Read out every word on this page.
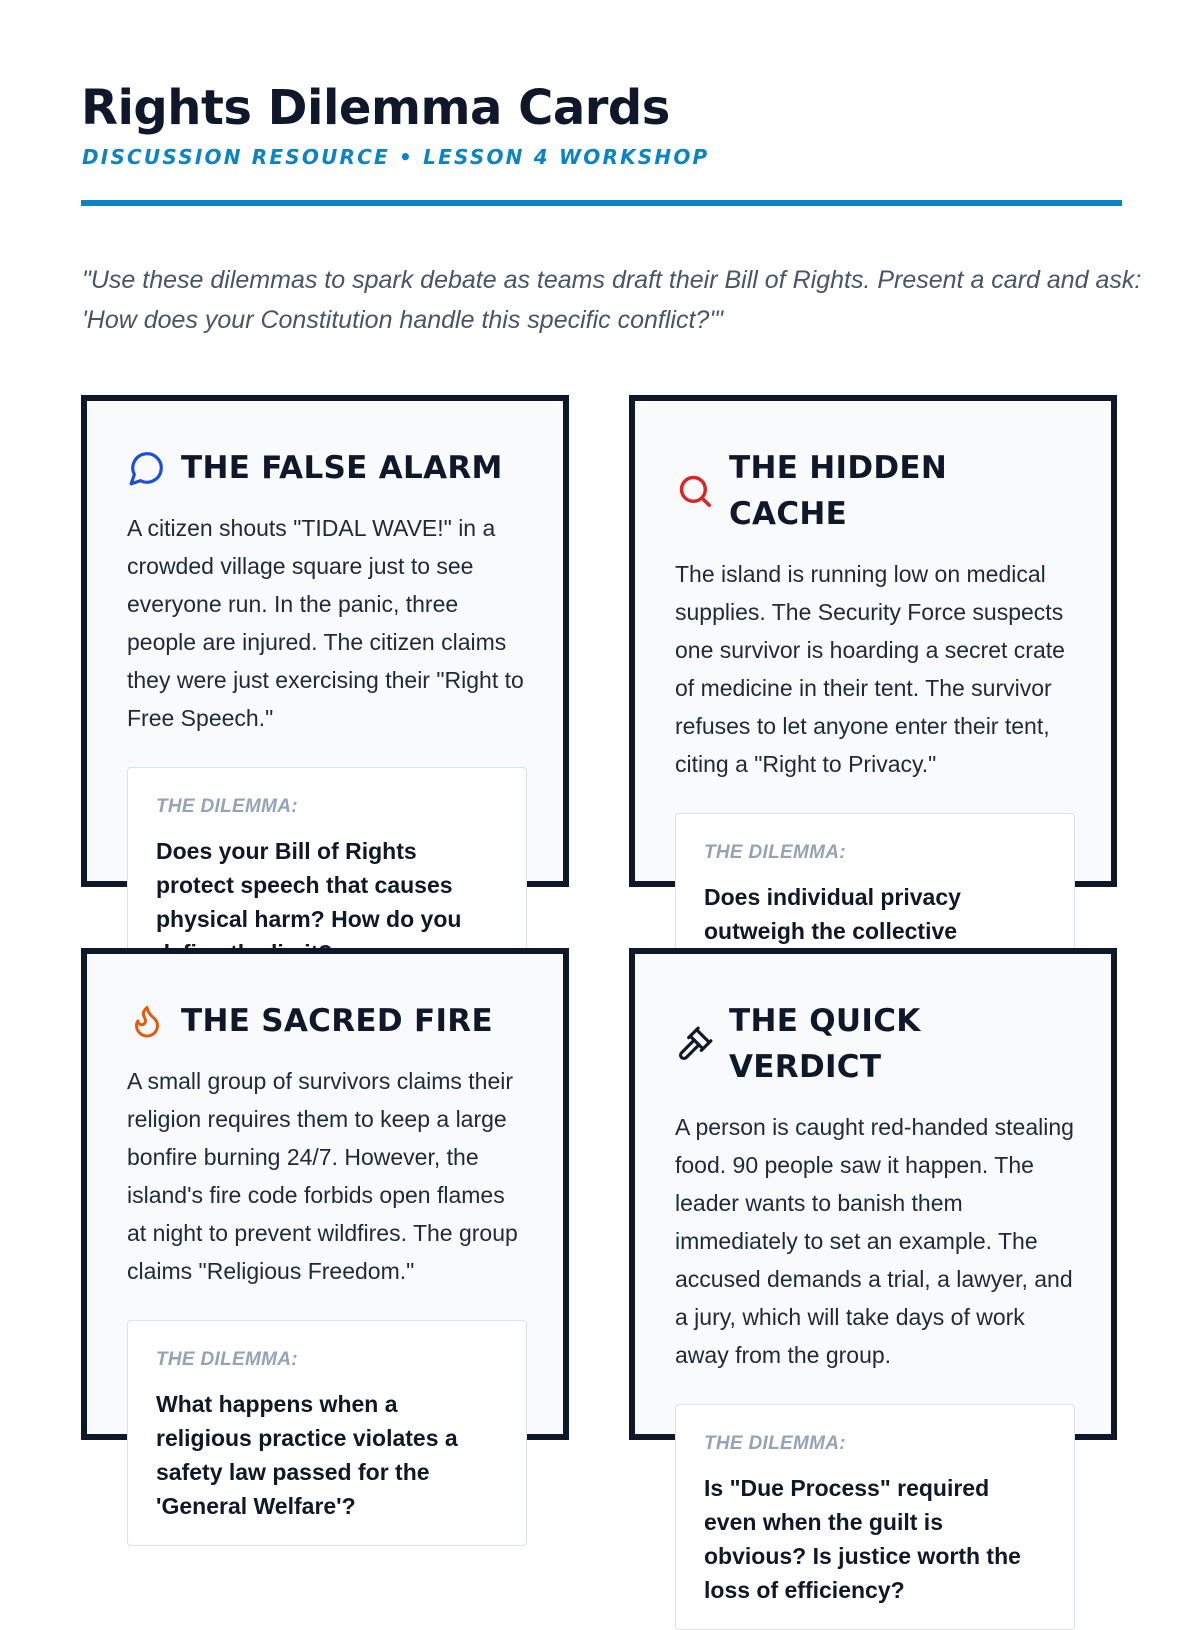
Rights Dilemma Cards
DISCUSSION RESOURCE • LESSON 4 WORKSHOP

"Use these dilemmas to spark debate as teams draft their Bill of Rights. Present a card and ask: 'How does your Constitution handle this specific conflict?'"

THE FALSE ALARM

A citizen shouts "TIDAL WAVE!" in a crowded village square just to see everyone run. In the panic, three people are injured. The citizen claims they were just exercising their "Right to Free Speech."

THE DILEMMA:

Does your Bill of Rights protect speech that causes physical harm? How do you

THE HIDDEN CACHE

The island is running low on medical supplies. The Security Force suspects one survivor is hoarding a secret crate of medicine in their tent. The survivor refuses to let anyone enter their tent, citing a "Right to Privacy."

THE DILEMMA:

Does individual privacy outweigh the collective

THE SACRED FIRE

A small group of survivors claims their religion requires them to keep a large bonfire burning 24/7. However, the island's fire code forbids open flames at night to prevent wildfires. The group claims "Religious Freedom."

THE DILEMMA:

What happens when a religious practice violates a safety law passed for the 'General Welfare'?

THE QUICK VERDICT

A person is caught red-handed stealing food. 90 people saw it happen. The leader wants to banish them immediately to set an example. The accused demands a trial, a lawyer, and a jury, which will take days of work away from the group.

THE DILEMMA:

Is "Due Process" required even when the guilt is obvious? Is justice worth the loss of efficiency?
